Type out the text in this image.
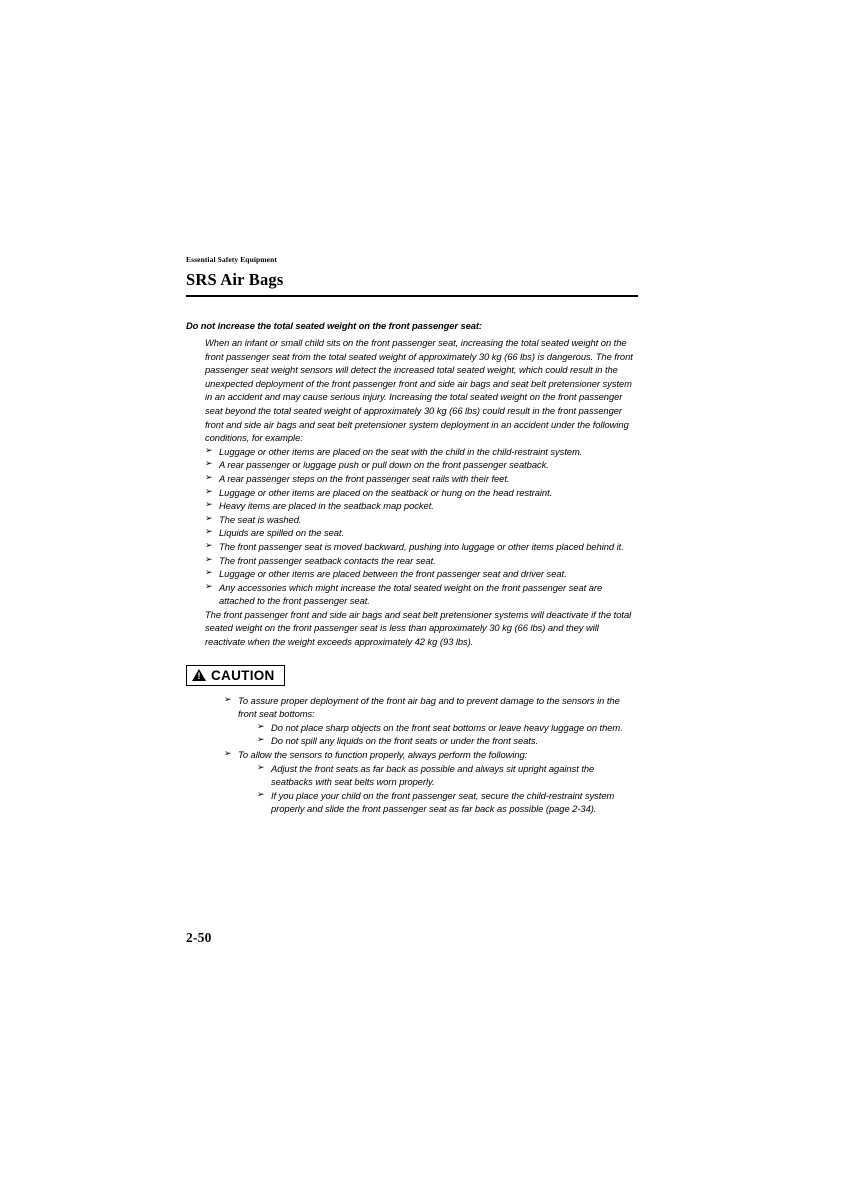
Essential Safety Equipment
SRS Air Bags
Do not increase the total seated weight on the front passenger seat:
When an infant or small child sits on the front passenger seat, increasing the total seated weight on the front passenger seat from the total seated weight of approximately 30 kg (66 lbs) is dangerous. The front passenger seat weight sensors will detect the increased total seated weight, which could result in the unexpected deployment of the front passenger front and side air bags and seat belt pretensioner system in an accident and may cause serious injury. Increasing the total seated weight on the front passenger seat beyond the total seated weight of approximately 30 kg (66 lbs) could result in the front passenger front and side air bags and seat belt pretensioner system deployment in an accident under the following conditions, for example:
➢ Luggage or other items are placed on the seat with the child in the child-restraint system.
➢ A rear passenger or luggage push or pull down on the front passenger seatback.
➢ A rear passenger steps on the front passenger seat rails with their feet.
➢ Luggage or other items are placed on the seatback or hung on the head restraint.
➢ Heavy items are placed in the seatback map pocket.
➢ The seat is washed.
➢ Liquids are spilled on the seat.
➢ The front passenger seat is moved backward, pushing into luggage or other items placed behind it.
➢ The front passenger seatback contacts the rear seat.
➢ Luggage or other items are placed between the front passenger seat and driver seat.
➢ Any accessories which might increase the total seated weight on the front passenger seat are attached to the front passenger seat.
The front passenger front and side air bags and seat belt pretensioner systems will deactivate if the total seated weight on the front passenger seat is less than approximately 30 kg (66 lbs) and they will reactivate when the weight exceeds approximately 42 kg (93 lbs).
! CAUTION
➢ To assure proper deployment of the front air bag and to prevent damage to the sensors in the front seat bottoms:
➢ Do not place sharp objects on the front seat bottoms or leave heavy luggage on them.
➢ Do not spill any liquids on the front seats or under the front seats.
➢ To allow the sensors to function properly, always perform the following:
➢ Adjust the front seats as far back as possible and always sit upright against the seatbacks with seat belts worn properly.
➢ If you place your child on the front passenger seat, secure the child-restraint system properly and slide the front passenger seat as far back as possible (page 2-34).
2-50
